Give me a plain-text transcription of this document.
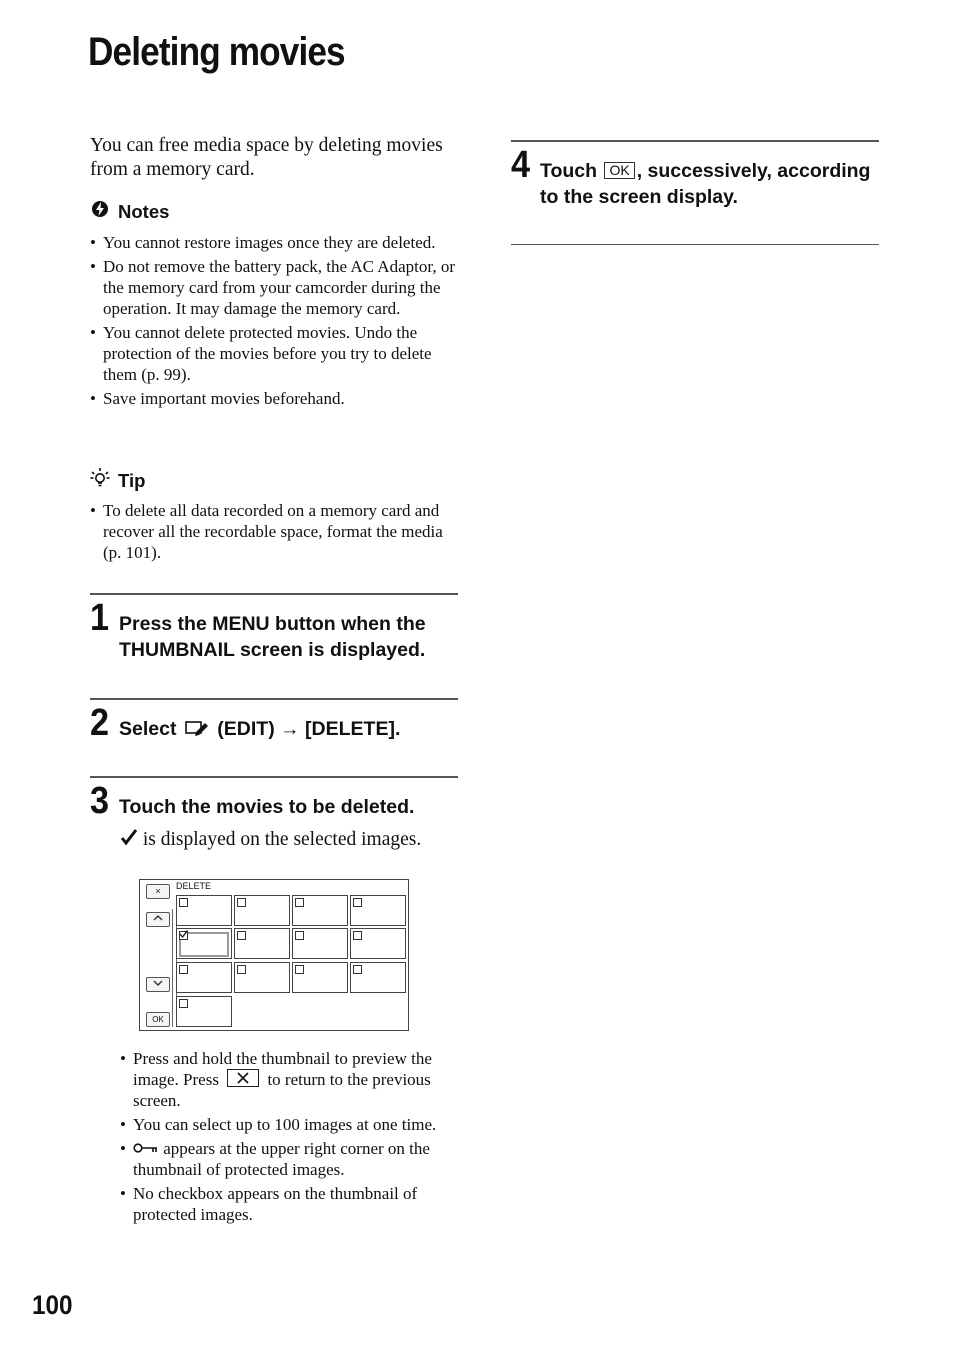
Deleting movies
You can free media space by deleting movies from a memory card.
Notes
• You cannot restore images once they are deleted.
• Do not remove the battery pack, the AC Adaptor, or the memory card from your camcorder during the operation. It may damage the memory card.
• You cannot delete protected movies. Undo the protection of the movies before you try to delete them (p. 99).
• Save important movies beforehand.
Tip
• To delete all data recorded on a memory card and recover all the recordable space, format the media (p. 101).
1 Press the MENU button when the THUMBNAIL screen is displayed.
2 Select (EDIT) → [DELETE].
3 Touch the movies to be deleted.
is displayed on the selected images.
×	DELETE
OK
• Press and hold the thumbnail to preview the image. Press	to return to the previous screen.
• You can select up to 100 images at one time.
• appears at the upper right corner on the thumbnail of protected images.
• No checkbox appears on the thumbnail of protected images.
4 Touch OK , successively, according to the screen display.
100
